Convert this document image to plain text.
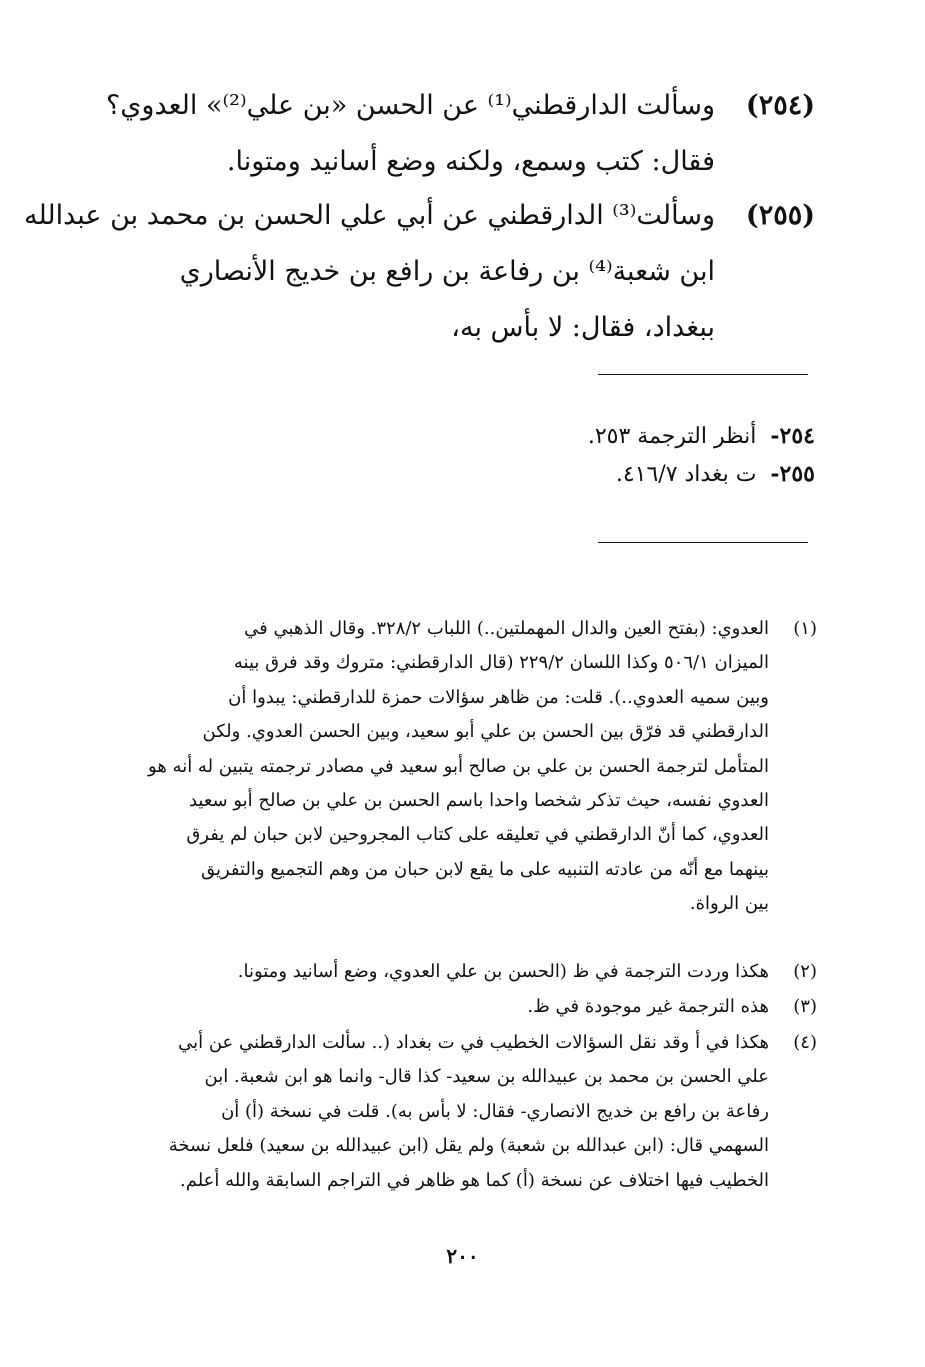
(٢٥٤)
وسألت الدارقطني⁽¹⁾ عن الحسن «بن علي⁽²⁾» العدوي؟
فقال: كتب وسمع، ولكنه وضع أسانيد ومتونا.
(٢٥٥)
وسألت⁽³⁾ الدارقطني عن أبي علي الحسن بن محمد بن عبدالله
ابن شعبة⁽⁴⁾ بن رفاعة بن رافع بن خديج الأنصاري
ببغداد، فقال: لا بأس به،
٢٥٤-أنظر الترجمة ٢٥٣.
٢٥٥-ت بغداد ٤١٦/٧.
(١)
العدوي: (بفتح العين والدال المهملتين..) اللباب ٣٢٨/٢. وقال الذهبي في
الميزان ٥٠٦/١ وكذا اللسان ٢٢٩/٢ (قال الدارقطني: متروك وقد فرق بينه
وبين سميه العدوي..). قلت: من ظاهر سؤالات حمزة للدارقطني: يبدوا أن
الدارقطني قد فرّق بين الحسن بن علي أبو سعيد، وبين الحسن العدوي. ولكن
المتأمل لترجمة الحسن بن علي بن صالح أبو سعيد في مصادر ترجمته يتبين له أنه هو
العدوي نفسه، حيث تذكر شخصا واحدا باسم الحسن بن علي بن صالح أبو سعيد
العدوي، كما أنّ الدارقطني في تعليقه على كتاب المجروحين لابن حبان لم يفرق
بينهما مع أنّه من عادته التنبيه على ما يقع لابن حبان من وهم التجميع والتفريق
بين الرواة.
(٢)
هكذا وردت الترجمة في ظ (الحسن بن علي العدوي، وضع أسانيد ومتونا.
(٣)
هذه الترجمة غير موجودة في ظ.
(٤)
هكذا في أ وقد نقل السؤالات الخطيب في ت بغداد (.. سألت الدارقطني عن أبي
علي الحسن بن محمد بن عبيدالله بن سعيد- كذا قال- وانما هو ابن شعبة. ابن
رفاعة بن رافع بن خديج الانصاري- فقال: لا بأس به). قلت في نسخة (أ) أن
السهمي قال: (ابن عبدالله بن شعبة) ولم يقل (ابن عبيدالله بن سعيد) فلعل نسخة
الخطيب فيها اختلاف عن نسخة (أ) كما هو ظاهر في التراجم السابقة والله أعلم.
٢٠٠
